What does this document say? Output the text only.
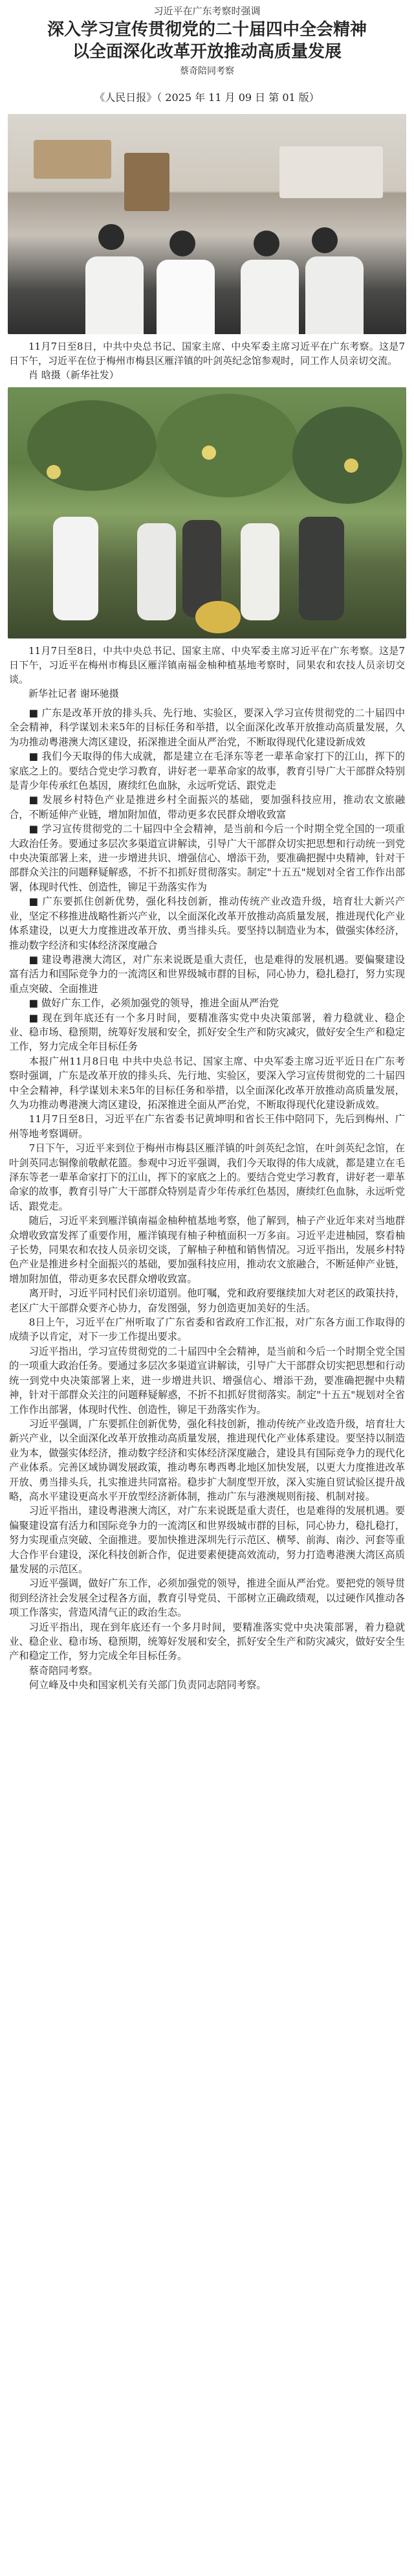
习近平在广东考察时强调

深入学习宣传贯彻党的二十届四中全会精神

以全面深化改革开放推动高质量发展

蔡奇陪同考察

《人民日报》（ 2025 年 11 月 09 日 第 01 版）

11月7日至8日，中共中央总书记、国家主席、中央军委主席习近平在广东考察。这是7日下午，习近平在位于梅州市梅县区雁洋镇的叶剑英纪念馆参观时，同工作人员亲切交流。

肖 晗摄（新华社发）

11月7日至8日，中共中央总书记、国家主席、中央军委主席习近平在广东考察。这是7日下午，习近平在梅州市梅县区雁洋镇南福金柚种植基地考察时，同果农和农技人员亲切交谈。

新华社记者 谢环驰摄

■ 广东是改革开放的排头兵、先行地、实验区，要深入学习宣传贯彻党的二十届四中全会精神，科学谋划未来5年的目标任务和举措，以全面深化改革开放推动高质量发展，久为功推动粤港澳大湾区建设，拓深推进全面从严治党，不断取得现代化建设新成效

■ 我们今天取得的伟大成就，都是建立在毛泽东等老一辈革命家打下的江山，挥下的家底之上的。要结合党史学习教育，讲好老一辈革命家的故事，教育引导广大干部群众特别是青少年传承红色基因，赓续红色血脉，永远听党话、跟党走

■ 发展乡村特色产业是推进乡村全面振兴的基础，要加强科技应用，推动农文旅融合，不断延伸产业链，增加附加值，带动更多农民群众增收致富

■ 学习宣传贯彻党的二十届四中全会精神，是当前和今后一个时期全党全国的一项重大政治任务。要通过多层次多渠道宣讲解读，引导广大干部群众切实把思想和行动统一到党中央决策部署上来，进一步增进共识、增强信心、增添干劲，要准确把握中央精神，针对干部群众关注的问题释疑解惑，不折不扣抓好贯彻落实。制定"十五五"规划对全省工作作出部署，体现时代性、创造性，铆足干劲落实作为

■ 广东要抓住创新优势，强化科技创新，推动传统产业改造升级，培育壮大新兴产业，坚定不移推进战略性新兴产业，以全面深化改革开放推动高质量发展，推进现代化产业体系建设，以更大力度推进改革开放、勇当排头兵。要坚持以制造业为本，做强实体经济，推动数字经济和实体经济深度融合

■ 建设粤港澳大湾区，对广东来说既是重大责任，也是难得的发展机遇。要偏聚建设富有活力和国际竞争力的一流湾区和世界级城市群的目标，同心协力，稳扎稳打，努力实现重点突破、全面推进

■ 做好广东工作，必须加强党的领导，推进全面从严治党

■ 现在到年底还有一个多月时间，要精准落实党中央决策部署，着力稳就业、稳企业、稳市场、稳预期，统筹好发展和安全，抓好安全生产和防灾减灾，做好安全生产和稳定工作，努力完成全年目标任务

本报广州11月8日电 中共中央总书记、国家主席、中央军委主席习近平近日在广东考察时强调，广东是改革开放的排头兵、先行地、实验区，要深入学习宣传贯彻党的二十届四中全会精神，科学谋划未来5年的目标任务和举措，以全面深化改革开放推动高质量发展，久为功推动粤港澳大湾区建设，拓深推进全面从严治党，不断取得现代化建设新成效。

11月7日至8日，习近平在广东省委书记黄坤明和省长王伟中陪同下，先后到梅州、广州等地考察调研。

7日下午，习近平来到位于梅州市梅县区雁洋镇的叶剑英纪念馆，在叶剑英纪念馆，在叶剑英同志铜像前敬献花篮。参观中习近平强调，我们今天取得的伟大成就，都是建立在毛泽东等老一辈革命家打下的江山，挥下的家底之上的。要结合党史学习教育，讲好老一辈革命家的故事，教育引导广大干部群众特别是青少年传承红色基因，赓续红色血脉，永远听党话、跟党走。

随后，习近平来到雁洋镇南福金柚种植基地考察，他了解到，柚子产业近年来对当地群众增收致富发挥了重要作用，雁洋镇现有柚子种植面积一万多亩。习近平走进柚园，察看柚子长势，同果农和农技人员亲切交谈，了解柚子种植和销售情况。习近平指出，发展乡村特色产业是推进乡村全面振兴的基础，要加强科技应用，推动农文旅融合，不断延伸产业链，增加附加值，带动更多农民群众增收致富。

离开时，习近平同村民们亲切道别。他叮嘱，党和政府要继续加大对老区的政策扶持，老区广大干部群众要齐心协力，奋发图强，努力创造更加美好的生活。

8日上午，习近平在广州听取了广东省委和省政府工作汇报，对广东各方面工作取得的成绩予以肯定，对下一步工作提出要求。

习近平指出，学习宣传贯彻党的二十届四中全会精神，是当前和今后一个时期全党全国的一项重大政治任务。要通过多层次多渠道宣讲解读，引导广大干部群众切实把思想和行动统一到党中央决策部署上来，进一步增进共识、增强信心、增添干劲，要准确把握中央精神，针对干部群众关注的问题释疑解惑，不折不扣抓好贯彻落实。制定"十五五"规划对全省工作作出部署，体现时代性、创造性，铆足干劲落实作为。

习近平强调，广东要抓住创新优势，强化科技创新，推动传统产业改造升级，培育壮大新兴产业，以全面深化改革开放推动高质量发展，推进现代化产业体系建设。要坚持以制造业为本，做强实体经济，推动数字经济和实体经济深度融合，建设具有国际竞争力的现代化产业体系。完善区域协调发展政策，推动粤东粤西粤北地区加快发展，以更大力度推进改革开放、勇当排头兵，扎实推进共同富裕。稳步扩大制度型开放，深入实施自贸试验区提升战略，高水平建设更高水平开放型经济新体制，推动广东与港澳规则衔接、机制对接。

习近平指出，建设粤港澳大湾区，对广东来说既是重大责任，也是难得的发展机遇。要偏聚建设富有活力和国际竞争力的一流湾区和世界级城市群的目标，同心协力，稳扎稳打，努力实现重点突破、全面推进。要加快推进深圳先行示范区、横琴、前海、南沙、河套等重大合作平台建设，深化科技创新合作，促进要素便捷高效流动，努力打造粤港澳大湾区高质量发展的示范区。

习近平强调，做好广东工作，必须加强党的领导，推进全面从严治党。要把党的领导贯彻到经济社会发展全过程各方面，教育引导党员、干部树立正确政绩观，以过硬作风推动各项工作落实，营造风清气正的政治生态。

习近平指出，现在到年底还有一个多月时间，要精准落实党中央决策部署，着力稳就业、稳企业、稳市场、稳预期，统筹好发展和安全，抓好安全生产和防灾减灾，做好安全生产和稳定工作，努力完成全年目标任务。

蔡奇陪同考察。

何立峰及中央和国家机关有关部门负责同志陪同考察。
